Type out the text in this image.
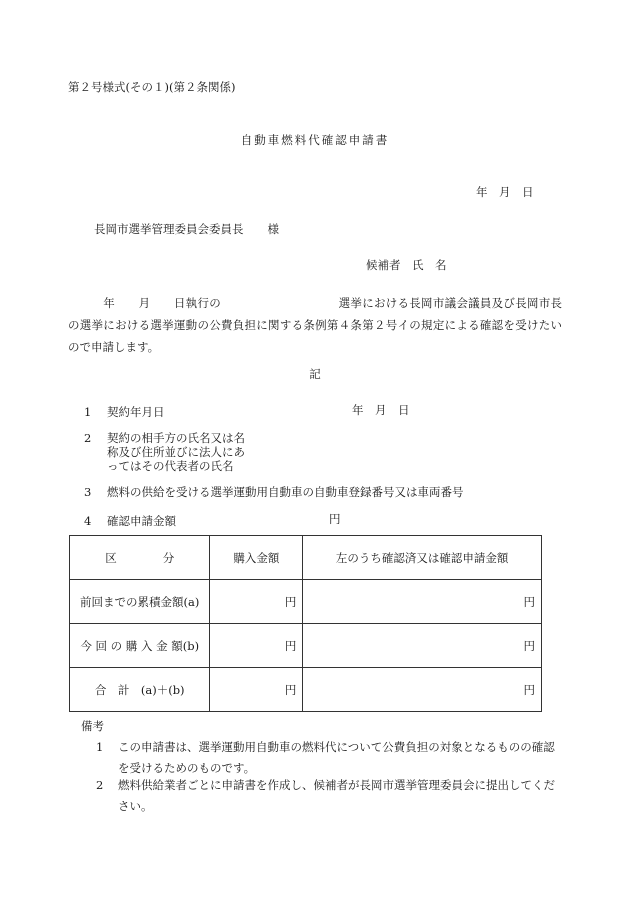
第２号様式(その１)(第２条関係)
自動車燃料代確認申請書
年　月　日
長岡市選挙管理委員会委員長 様
候補者　氏　名
　　　年　　月　　日執行の　　　　　　　　　　選挙における長岡市議会議員及び長岡市長の選挙における選挙運動の公費負担に関する条例第４条第２号イの規定による確認を受けたいので申請します。
記
1 契約年月日	年　月　日
2 契約の相手方の氏名又は名
称及び住所並びに法人にあ
ってはその代表者の氏名
3 燃料の供給を受ける選挙運動用自動車の自動車登録番号又は車両番号
4 確認申請金額	円
区　　　　分	購入金額	左のうち確認済又は確認申請金額
前回までの累積金額(a)	円	円
今 回 の 購 入 金 額(b)	円	円
合　計　(a)＋(b)	円	円
備考
1 この申請書は、選挙運動用自動車の燃料代について公費負担の対象となるものの確認を受けるためのものです。
2 燃料供給業者ごとに申請書を作成し、候補者が長岡市選挙管理委員会に提出してください。
